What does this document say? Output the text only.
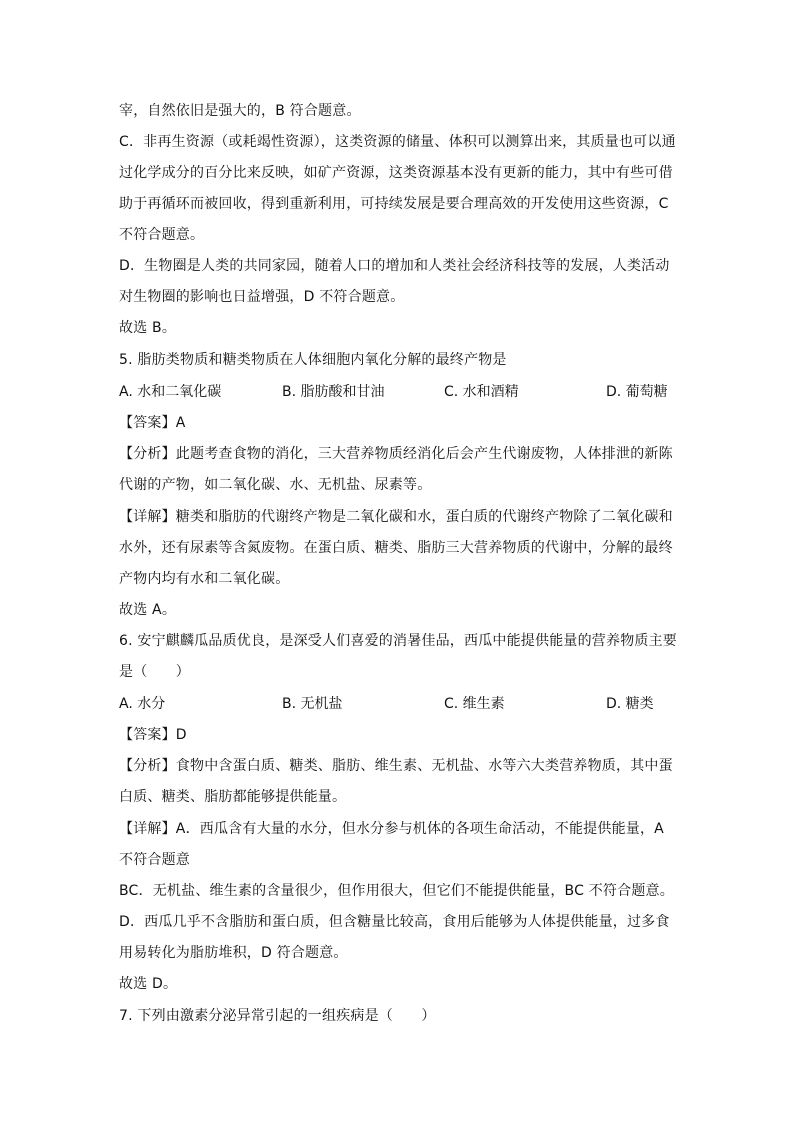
宰，自然依旧是强大的，B 符合题意。
C．非再生资源（或耗竭性资源），这类资源的储量、体积可以测算出来，其质量也可以通
过化学成分的百分比来反映，如矿产资源，这类资源基本没有更新的能力，其中有些可借
助于再循环而被回收，得到重新利用，可持续发展是要合理高效的开发使用这些资源，C
不符合题意。
D．生物圈是人类的共同家园，随着人口的增加和人类社会经济科技等的发展，人类活动
对生物圈的影响也日益增强，D 不符合题意。
故选 B。
5. 脂肪类物质和糖类物质在人体细胞内氧化分解的最终产物是
A. 水和二氧化碳	B. 脂肪酸和甘油	C. 水和酒精	D. 葡萄糖
【答案】A
【分析】此题考查食物的消化，三大营养物质经消化后会产生代谢废物，人体排泄的新陈
代谢的产物，如二氧化碳、水、无机盐、尿素等。
【详解】糖类和脂肪的代谢终产物是二氧化碳和水，蛋白质的代谢终产物除了二氧化碳和
水外，还有尿素等含氮废物。在蛋白质、糖类、脂肪三大营养物质的代谢中，分解的最终
产物内均有水和二氧化碳。
故选 A。
6. 安宁麒麟瓜品质优良，是深受人们喜爱的消暑佳品，西瓜中能提供能量的营养物质主要
是（　　）
A. 水分	B. 无机盐	C. 维生素	D. 糖类
【答案】D
【分析】食物中含蛋白质、糖类、脂肪、维生素、无机盐、水等六大类营养物质，其中蛋
白质、糖类、脂肪都能够提供能量。
【详解】A．西瓜含有大量的水分，但水分参与机体的各项生命活动，不能提供能量，A
不符合题意
BC．无机盐、维生素的含量很少，但作用很大，但它们不能提供能量，BC 不符合题意。
D．西瓜几乎不含脂肪和蛋白质，但含糖量比较高，食用后能够为人体提供能量，过多食
用易转化为脂肪堆积，D 符合题意。
故选 D。
7. 下列由激素分泌异常引起的一组疾病是（　　）
